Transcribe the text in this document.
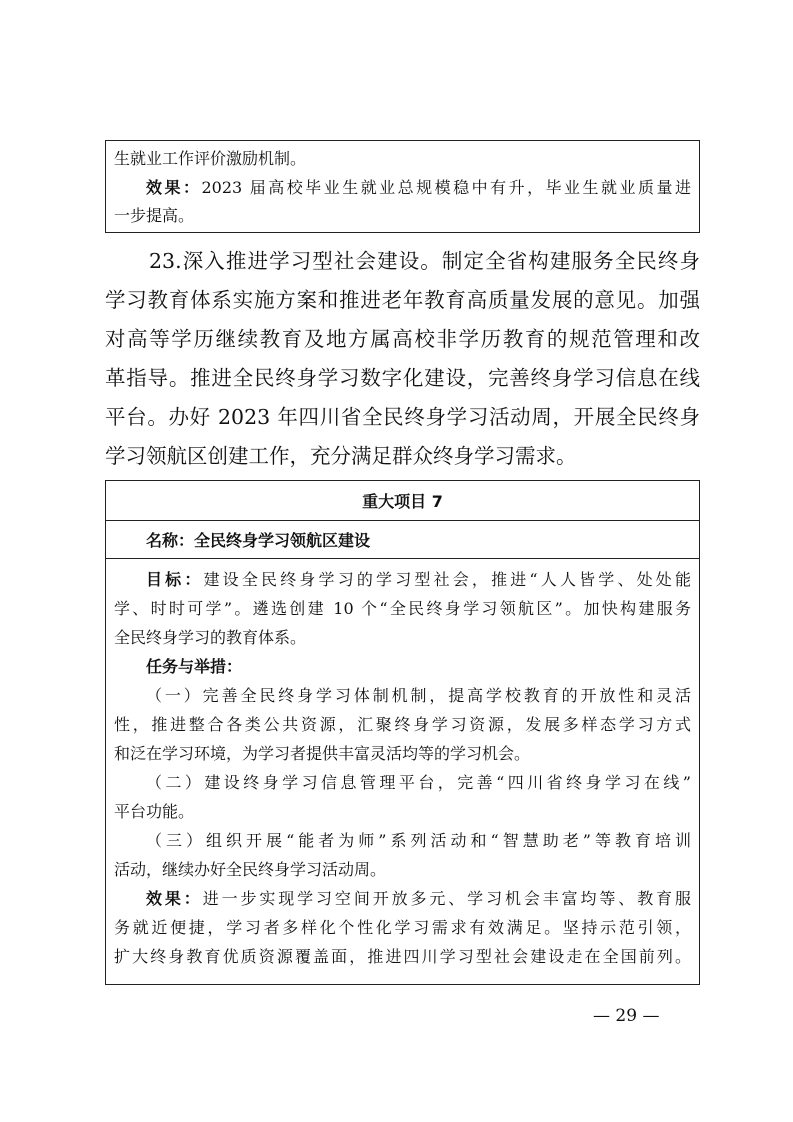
生就业工作评价激励机制。
效果：2023 届高校毕业生就业总规模稳中有升，毕业生就业质量进
一步提高。
23.深入推进学习型社会建设。制定全省构建服务全民终身
学习教育体系实施方案和推进老年教育高质量发展的意见。加强
对高等学历继续教育及地方属高校非学历教育的规范管理和改
革指导。推进全民终身学习数字化建设，完善终身学习信息在线
平台。办好 2023 年四川省全民终身学习活动周，开展全民终身
学习领航区创建工作，充分满足群众终身学习需求。
重大项目 7
名称： 全民终身学习领航区建设
目标：建设全民终身学习的学习型社会，推进“人人皆学、处处能
学、时时可学”。遴选创建 10 个“全民终身学习领航区”。加快构建服务
全民终身学习的教育体系。
任务与举措：
（一）完善全民终身学习体制机制，提高学校教育的开放性和灵活
性，推进整合各类公共资源，汇聚终身学习资源，发展多样态学习方式
和泛在学习环境，为学习者提供丰富灵活均等的学习机会。
（二）建设终身学习信息管理平台，完善“四川省终身学习在线”
平台功能。
（三）组织开展“能者为师”系列活动和“智慧助老”等教育培训
活动，继续办好全民终身学习活动周。
效果：进一步实现学习空间开放多元、学习机会丰富均等、教育服
务就近便捷，学习者多样化个性化学习需求有效满足。坚持示范引领，
扩大终身教育优质资源覆盖面，推进四川学习型社会建设走在全国前列。
— 29 —
